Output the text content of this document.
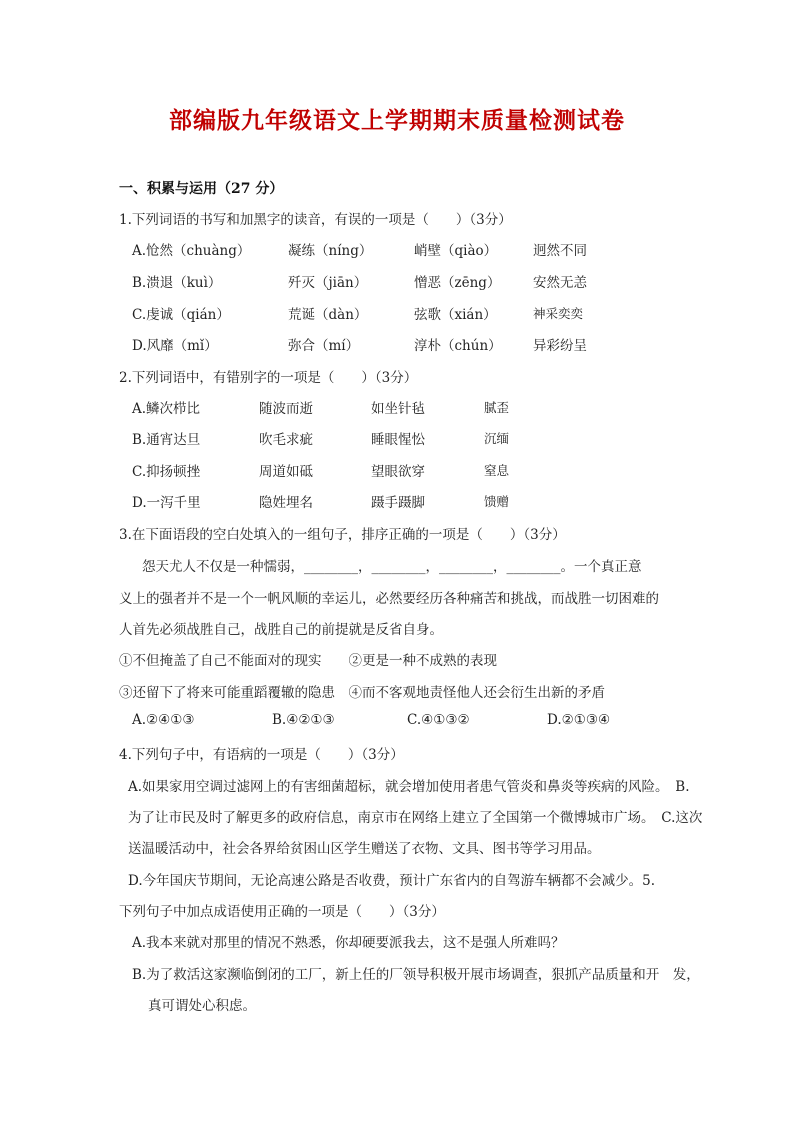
部编版九年级语文上学期期末质量检测试卷
一、积累与运用（27 分）
1.下列词语的书写和加黑字的读音，有误的一项是（　　）（3分）
A.怆然（chuàng）	凝练（níng）	峭壁（qiào）	迥然不同
B.溃退（kuì）	歼灭（jiān）	憎恶（zēng） 安然无恙
C.虔诚（qián）	荒诞（dàn）	弦歌（xián）	神采奕奕
D.风靡（mǐ）	弥合（mí）	淳朴（chún） 异彩纷呈
2.下列词语中，有错别字的一项是（　　）（3分）
A.鳞次栉比	随波而逝	如坐针毡	腻歪
B.通宵达旦	吹毛求疵	睡眼惺忪	沉缅
C.抑扬顿挫	周道如砥	望眼欲穿	窒息
D.一泻千里	隐姓埋名	蹑手蹑脚	馈赠
3.在下面语段的空白处填入的一组句子，排序正确的一项是（　　）（3分）
怨天尤人不仅是一种懦弱，________，________，________，________。一个真正意
义上的强者并不是一个一帆风顺的幸运儿，必然要经历各种痛苦和挑战，而战胜一切困难的
人首先必须战胜自己，战胜自己的前提就是反省自身。
①不但掩盖了自己不能面对的现实　　②更是一种不成熟的表现
③还留下了将来可能重蹈覆辙的隐患　④而不客观地责怪他人还会衍生出新的矛盾
A.②④①③	B.④②①③	C.④①③②	D.②①③④
4.下列句子中，有语病的一项是（　　）（3分）
A.如果家用空调过滤网上的有害细菌超标，就会增加使用者患气管炎和鼻炎等疾病的风险。　B.
为了让市民及时了解更多的政府信息，南京市在网络上建立了全国第一个微博城市广场。　C.这次
送温暖活动中，社会各界给贫困山区学生赠送了衣物、文具、图书等学习用品。
D.今年国庆节期间，无论高速公路是否收费，预计广东省内的自驾游车辆都不会减少。5.
下列句子中加点成语使用正确的一项是（　　）（3分）
A.我本来就对那里的情况不熟悉，你却硬要派我去，这不是强人所难吗？
B.为了救活这家濒临倒闭的工厂，新上任的厂领导积极开展市场调查，狠抓产品质量和开　发，
真可谓处心积虑。
